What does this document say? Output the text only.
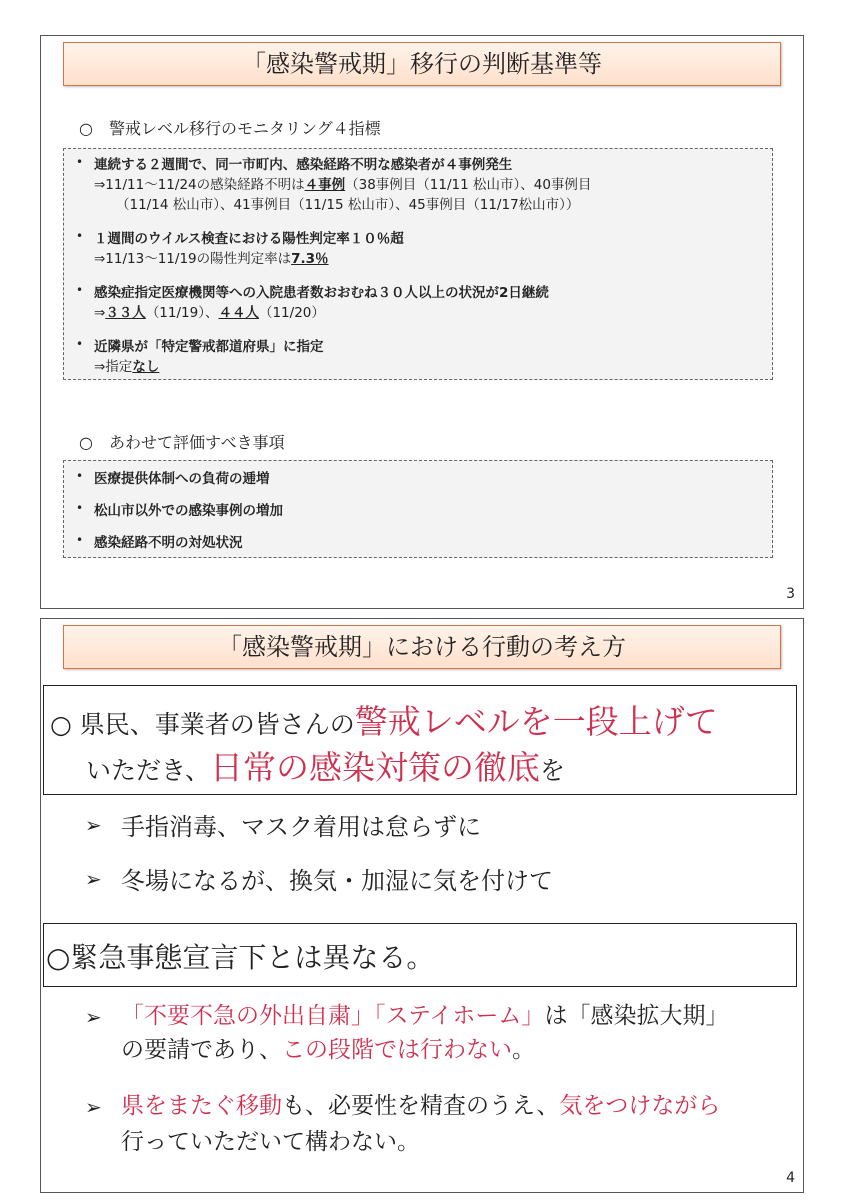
「感染警戒期」移行の判断基準等
○　警戒レベル移行のモニタリング４指標
• 連続する２週間で、同一市町内、感染経路不明な感染者が４事例発生
⇒11/11～11/24の感染経路不明は４事例（38事例目（11/11 松山市）、40事例目
（11/14 松山市）、41事例目（11/15 松山市）、45事例目（11/17松山市））
• １週間のウイルス検査における陽性判定率１０％超
⇒11/13～11/19の陽性判定率は7.3％
• 感染症指定医療機関等への入院患者数おおむね３０人以上の状況が2日継続
⇒３３人（11/19）、４４人（11/20）
• 近隣県が「特定警戒都道府県」に指定
⇒指定なし
○　あわせて評価すべき事項
• 医療提供体制への負荷の逓増
• 松山市以外での感染事例の増加
• 感染経路不明の対処状況
3
「感染警戒期」における行動の考え方
○ 県民、事業者の皆さんの警戒レベルを一段上げて
いただき、日常の感染対策の徹底を
➢ 手指消毒、マスク着用は怠らずに
➢ 冬場になるが、換気・加湿に気を付けて
○緊急事態宣言下とは異なる。
➢ 「不要不急の外出自粛」「ステイホーム」は「感染拡大期」
の要請であり、この段階では行わない。
➢ 県をまたぐ移動も、必要性を精査のうえ、気をつけながら
行っていただいて構わない。
4
